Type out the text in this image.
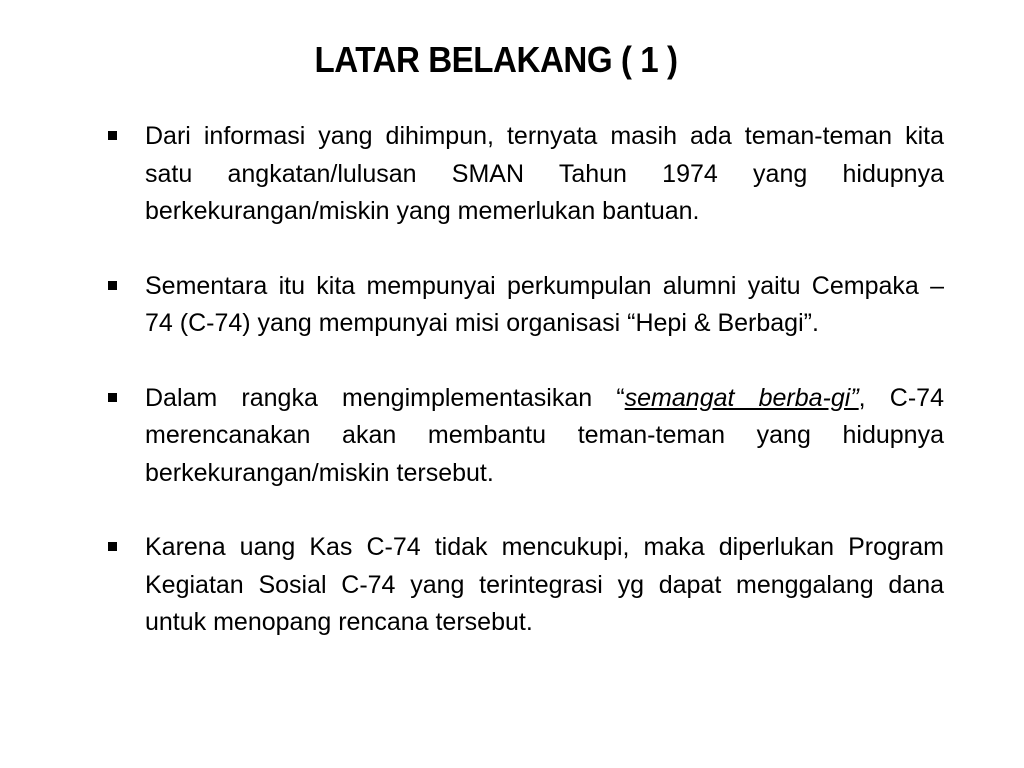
LATAR BELAKANG ( 1 )
Dari informasi yang dihimpun, ternyata masih ada teman-teman kita satu angkatan/lulusan SMAN Tahun 1974 yang hidupnya berkekurangan/miskin yang memerlukan bantuan.
Sementara itu kita mempunyai perkumpulan alumni yaitu Cempaka – 74 (C-74) yang mempunyai misi organisasi “Hepi & Berbagi”.
Dalam rangka mengimplementasikan “semangat berba-gi”, C-74 merencanakan akan membantu teman-teman yang hidupnya berkekurangan/miskin tersebut.
Karena uang Kas C-74 tidak mencukupi, maka diperlukan Program Kegiatan Sosial C-74 yang terintegrasi yg dapat menggalang dana untuk menopang rencana tersebut.
